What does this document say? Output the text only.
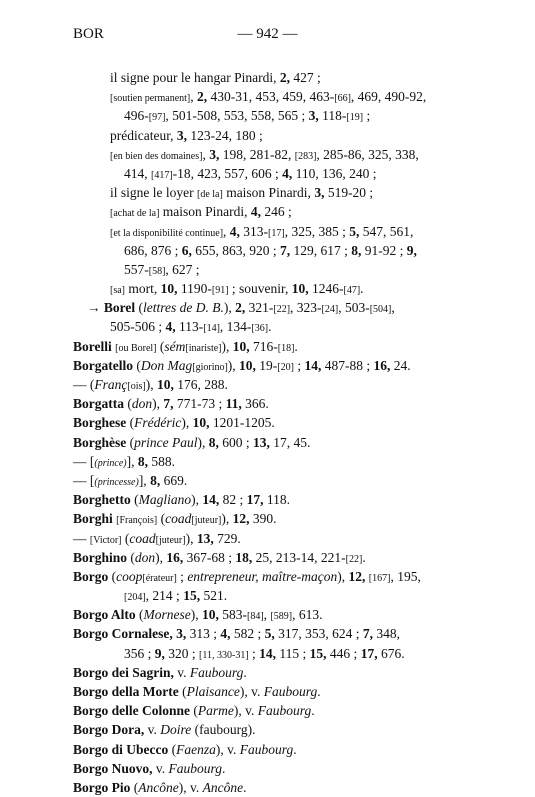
BOR	— 942 —
il signe pour le hangar Pinardi, 2, 427 ;
[soutien permanent], 2, 430-31, 453, 459, 463-[66], 469, 490-92,
496-[97], 501-508, 553, 558, 565 ; 3, 118-[19] ;
prédicateur, 3, 123-24, 180 ;
[en bien des domaines], 3, 198, 281-82, [283], 285-86, 325, 338,
414, [417]-18, 423, 557, 606 ; 4, 110, 136, 240 ;
il signe le loyer [de la] maison Pinardi, 3, 519-20 ;
[achat de la] maison Pinardi, 4, 246 ;
[et la disponibilité continue], 4, 313-[17], 325, 385 ; 5, 547, 561,
686, 876 ; 6, 655, 863, 920 ; 7, 129, 617 ; 8, 91-92 ; 9,
557-[58], 627 ;
[sa] mort, 10, 1190-[91] ; souvenir, 10, 1246-[47].
→ Borel (lettres de D. B.), 2, 321-[22], 323-[24], 503-[504],
505-506 ; 4, 113-[14], 134-[36].
Borelli [ou Borel] (sém[inariste]), 10, 716-[18].
Borgatello (Don Mag[giorino]), 10, 19-[20] ; 14, 487-88 ; 16, 24.
— (Franç[ois]), 10, 176, 288.
Borgatta (don), 7, 771-73 ; 11, 366.
Borghese (Frédéric), 10, 1201-1205.
Borghèse (prince Paul), 8, 600 ; 13, 17, 45.
— [(prince)], 8, 588.
— [(princesse)], 8, 669.
Borghetto (Magliano), 14, 82 ; 17, 118.
Borghi [François] (coad[juteur]), 12, 390.
— [Victor] (coad[juteur]), 13, 729.
Borghino (don), 16, 367-68 ; 18, 25, 213-14, 221-[22].
Borgo (coop[érateur] ; entrepreneur, maître-maçon), 12, [167], 195,
[204], 214 ; 15, 521.
Borgo Alto (Mornese), 10, 583-[84], [589], 613.
Borgo Cornalese, 3, 313 ; 4, 582 ; 5, 317, 353, 624 ; 7, 348,
356 ; 9, 320 ; [11, 330-31] ; 14, 115 ; 15, 446 ; 17, 676.
Borgo dei Sagrin, v. Faubourg.
Borgo della Morte (Plaisance), v. Faubourg.
Borgo delle Colonne (Parme), v. Faubourg.
Borgo Dora, v. Doire (faubourg).
Borgo di Ubecco (Faenza), v. Faubourg.
Borgo Nuovo, v. Faubourg.
Borgo Pio (Ancône), v. Ancône.
